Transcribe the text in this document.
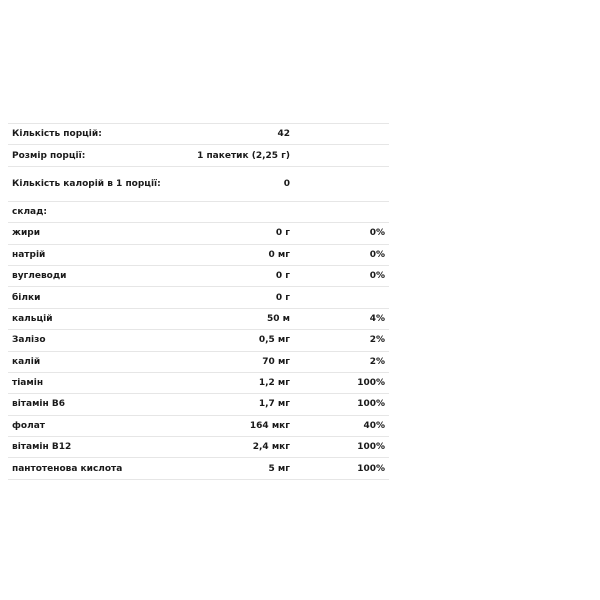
Кількість порцій:	42	
Розмір порції:	1 пакетик (2,25 г)	
Кількість калорій в 1 порції:	0	
склад:		
жири	0 г	0%
натрій	0 мг	0%
вуглеводи	0 г	0%
білки	0 г	
кальцій	50 м	4%
Залізо	0,5 мг	2%
калій	70 мг	2%
тіамін	1,2 мг	100%
вітамін B6	1,7 мг	100%
фолат	164 мкг	40%
вітамін B12	2,4 мкг	100%
пантотенова кислота	5 мг	100%
